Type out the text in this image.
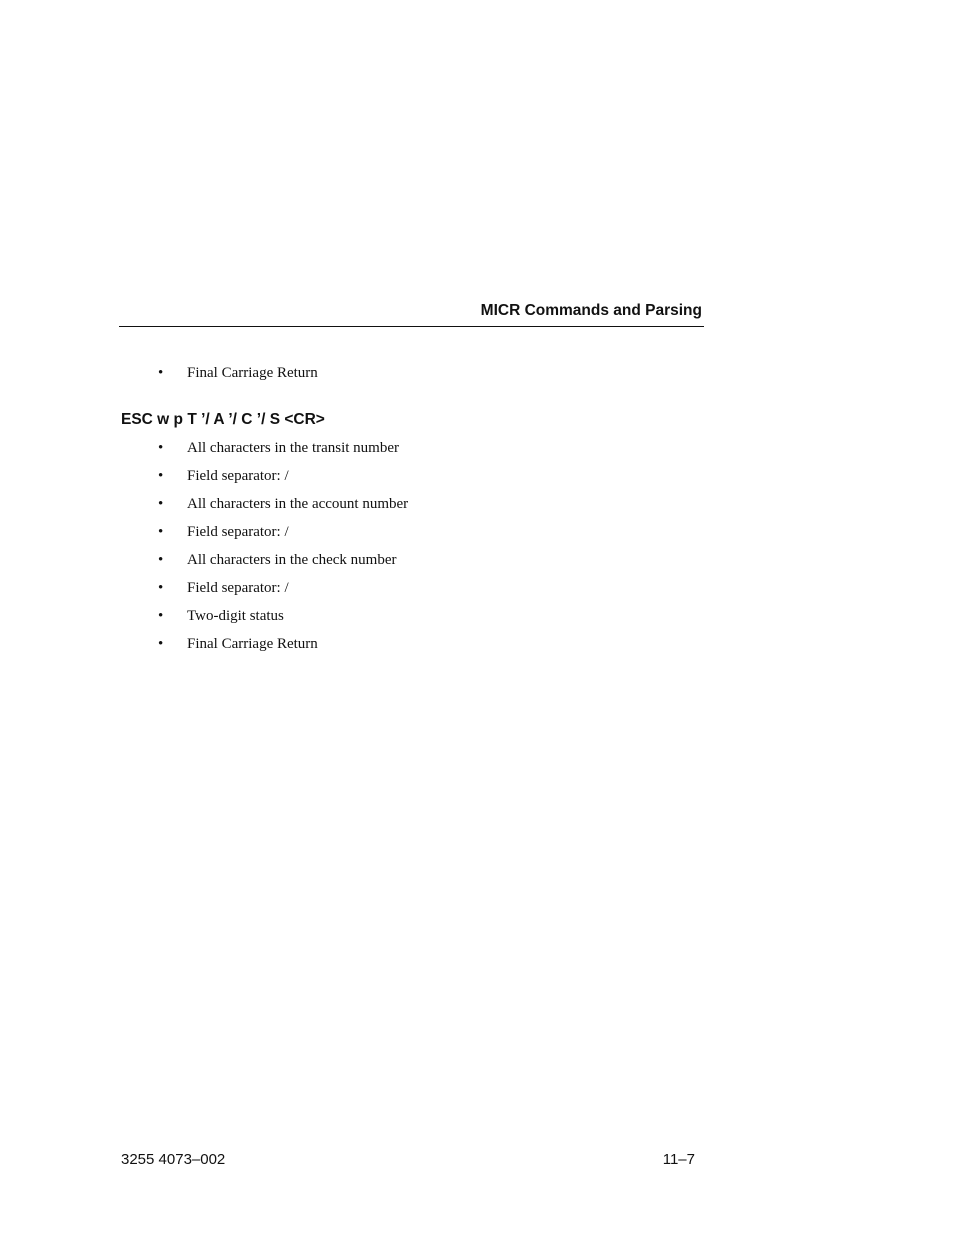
MICR Commands and Parsing
• Final Carriage Return
ESC w p T ’/ A ’/ C ’/ S <CR>
• All characters in the transit number
• Field separator: /
• All characters in the account number
• Field separator: /
• All characters in the check number
• Field separator: /
• Two-digit status
• Final Carriage Return
3255 4073–002	11–7
